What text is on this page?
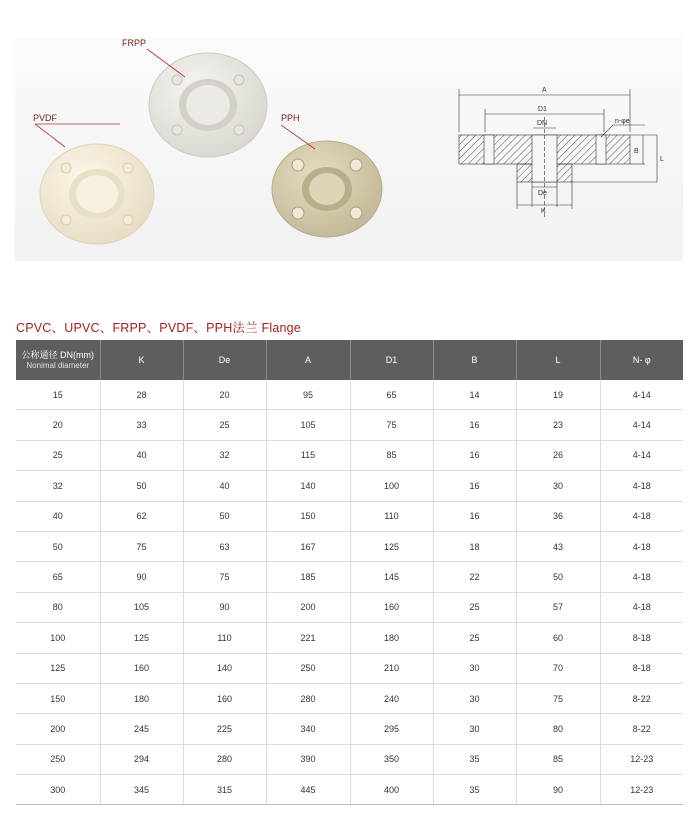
FRPP
PVDF	PPH
A
D1
DN	n-φe
B
L
De
K
CPVC、UPVC、FRPP、PVDF、PPH法兰 Flange
公称通径 DN(mm)
Nonimal diameter	K	De	A	D1	B	L	N- φ
15	28	20	95	65	14	19	4-14
20	33	25	105	75	16	23	4-14
25	40	32	115	85	16	26	4-14
32	50	40	140	100	16	30	4-18
40	62	50	150	110	16	36	4-18
50	75	63	167	125	18	43	4-18
65	90	75	185	145	22	50	4-18
80	105	90	200	160	25	57	4-18
100	125	110	221	180	25	60	8-18
125	160	140	250	210	30	70	8-18
150	180	160	280	240	30	75	8-22
200	245	225	340	295	30	80	8-22
250	294	280	390	350	35	85	12-23
300	345	315	445	400	35	90	12-23
